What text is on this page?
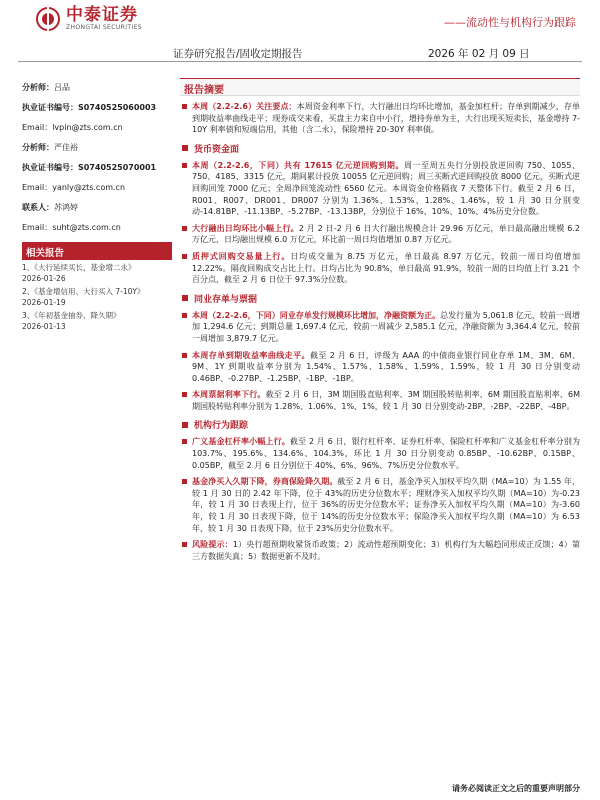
中泰证券
ZHONGTAI SECURITIES	——流动性与机构行为跟踪
证券研究报告/固收定期报告	2026 年 02 月 09 日
分析师：吕品
执业证书编号：S0740525060003
Email：lvpin@zts.com.cn
分析师：严佳裕
执业证书编号：S0740525070001
Email：yanly@zts.com.cn
联系人：苏鸿婷
Email：suht@zts.com.cn
相关报告
1、《大行延续买长，基金增二永》
2026-01-26
2、《基金增信用、大行买入 7-10Y》
2026-01-19
3、《年初基金抽券、降久期》
2026-01-13
报告摘要
本周（2.2-2.6）关注要点：本周资金利率下行，大行融出日均环比增加，基金加杠杆；存单到期减少，存单到期收益率曲线走平；现券成交来看，买盘主力来自中小行，增持券单为主，大行出现买短卖长，基金增持 7-10Y 利率债和短端信用，其他（含二永），保险增持 20-30Y 利率债。
货币资金面
本周（2.2-2.6，下同）共有 17615 亿元逆回购到期。周一至周五央行分别投放逆回购 750、1055、750、4185、3315 亿元，期间累计投放 10055 亿元逆回购；周三买断式逆回购投放 8000 亿元，买断式逆回购回笼 7000 亿元；全周净回笼流动性 6560 亿元。本周资金价格隔夜 7 天整体下行。截至 2 月 6 日，R001、R007、DR001、DR007 分别为 1.36%、1.53%、1.28%、1.46%，较 1 月 30 日分别变动-14.81BP、-11.13BP、-5.27BP、-13.13BP，分别位于 16%、10%、10%、4%历史分位数。
大行融出日均环比小幅上行。2 月 2 日-2 月 6 日大行融出规模合计 29.96 万亿元，单日最高融出规模 6.2 万亿元，日均融出规模 6.0 万亿元，环比前一周日均值增加 0.87 万亿元。
质押式回购交易量上行。日均成交量为 8.75 万亿元，单日最高 8.97 万亿元，较前一周日均值增加 12.22%。隔夜回购成交占比上行。日均占比为 90.8%，单日最高 91.9%，较前一周的日均值上行 3.21 个百分点，截至 2 月 6 日位于 97.3%分位数。
同业存单与票据
本周（2.2-2.6，下同）同业存单发行规模环比增加，净融资额为正。总发行量为 5,061.8 亿元，较前一周增加 1,294.6 亿元；到期总量 1,697.4 亿元，较前一周减少 2,585.1 亿元，净融资额为 3,364.4 亿元，较前一周增加 3,879.7 亿元。
本周存单到期收益率曲线走平。截至 2 月 6 日，评级为 AAA 的中债商业银行同业存单 1M、3M、6M、9M、1Y 到期收益率分别为 1.54%、1.57%、1.58%、1.59%、1.59%，较 1 月 30 日分别变动 0.46BP、-0.27BP、-1.25BP、-1BP、-1BP。
本周票据利率下行。截至 2 月 6 日，3M 期国股直贴利率、3M 期国股转贴利率、6M 期国股直贴利率、6M 期国股转贴利率分别为 1.28%、1.06%、1%、1%，较 1 月 30 日分别变动-2BP、-2BP、-22BP、-4BP。
机构行为跟踪
广义基金杠杆率小幅上行。截至 2 月 6 日，银行杠杆率、证券杠杆率、保险杠杆率和广义基金杠杆率分别为 103.7%、195.6%、134.6%、104.3%，环比 1 月 30 日分别变动 0.85BP、-10.62BP、0.15BP、0.05BP，截至 2 月 6 日分别位于 40%、6%、96%、7%历史分位数水平。
基金净买入久期下降，券商保险降久期。截至 2 月 6 日，基金净买入加权平均久期（MA=10）为 1.55 年，较 1 月 30 日的 2.42 年下降，位于 43%的历史分位数水平；理财净买入加权平均久期（MA=10）为-0.23 年，较 1 月 30 日表现上行，位于 36%的历史分位数水平；证券净买入加权平均久期（MA=10）为-3.60 年，较 1 月 30 日表现下降，位于 14%的历史分位数水平；保险净买入加权平均久期（MA=10）为 6.53 年，较 1 月 30 日表现下降，位于 23%历史分位数水平。
风险提示：1）央行超预期收紧货币政策；2）流动性超预期变化；3）机构行为大幅趋同形成正反馈；4）第三方数据失真；5）数据更新不及时。
请务必阅读正文之后的重要声明部分
